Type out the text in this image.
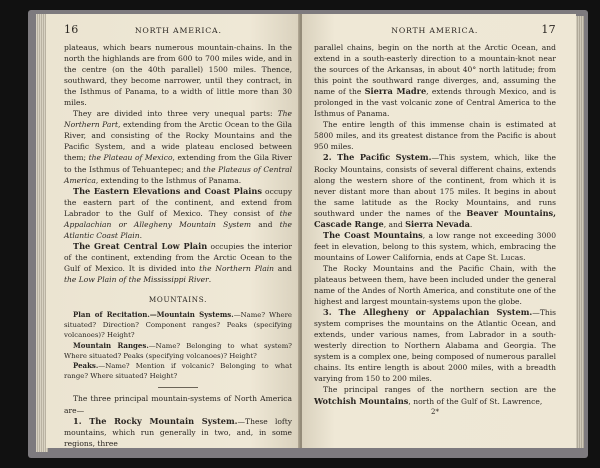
16	NORTH AMERICA.

plateaus, which bears numerous mountain-chains. In the north the highlands are from 600 to 700 miles wide, and in the centre (on the 40th parallel) 1500 miles. Thence, southward, they become narrower, until they contract, in the Isthmus of Panama, to a width of little more than 30 miles.

They are divided into three very unequal parts: The Northern Part, extending from the Arctic Ocean to the Gila River, and consisting of the Rocky Mountains and the Pacific System, and a wide plateau enclosed between them; the Plateau of Mexico, extending from the Gila River to the Isthmus of Tehuantepec; and the Plateaus of Central America, extending to the Isthmus of Panama.

The Eastern Elevations and Coast Plains occupy the eastern part of the continent, and extend from Labrador to the Gulf of Mexico. They consist of the Appalachian or Allegheny Mountain System and the Atlantic Coast Plain.

The Great Central Low Plain occupies the interior of the continent, extending from the Arctic Ocean to the Gulf of Mexico. It is divided into the Northern Plain and the Low Plain of the Mississippi River.

MOUNTAINS.

Plan of Recitation.—Mountain Systems.—Name? Where situated? Direction? Component ranges? Peaks (specifying volcanoes)? Height?

Mountain Ranges.—Name? Belonging to what system? Where situated? Peaks (specifying volcanoes)? Height?

Peaks.—Name? Mention if volcanic? Belonging to what range? Where situated? Height?

The three principal mountain-systems of North America are—

1. The Rocky Mountain System.—These lofty mountains, which run generally in two, and, in some regions, three

NORTH AMERICA.	17

parallel chains, begin on the north at the Arctic Ocean, and extend in a south-easterly direction to a mountain-knot near the sources of the Arkansas, in about 40° north latitude; from this point the southward range diverges, and, assuming the name of the Sierra Madre, extends through Mexico, and is prolonged in the vast volcanic zone of Central America to the Isthmus of Panama.

The entire length of this immense chain is estimated at 5800 miles, and its greatest distance from the Pacific is about 950 miles.

2. The Pacific System.—This system, which, like the Rocky Mountains, consists of several different chains, extends along the western shore of the continent, from which it is never distant more than about 175 miles. It begins in about the same latitude as the Rocky Mountains, and runs southward under the names of the Beaver Mountains, Cascade Range, and Sierra Nevada.

The Coast Mountains, a low range not exceeding 3000 feet in elevation, belong to this system, which, embracing the mountains of Lower California, ends at Cape St. Lucas.

The Rocky Mountains and the Pacific Chain, with the plateaus between them, have been included under the general name of the Andes of North America, and constitute one of the highest and largest mountain-systems upon the globe.

3. The Allegheny or Appalachian System.—This system comprises the mountains on the Atlantic Ocean, and extends, under various names, from Labrador in a south-westerly direction to Northern Alabama and Georgia. The system is a complex one, being composed of numerous parallel chains. Its entire length is about 2000 miles, with a breadth varying from 150 to 200 miles.

The principal ranges of the northern section are the Wotchish Mountains, north of the Gulf of St. Lawrence,

2*
